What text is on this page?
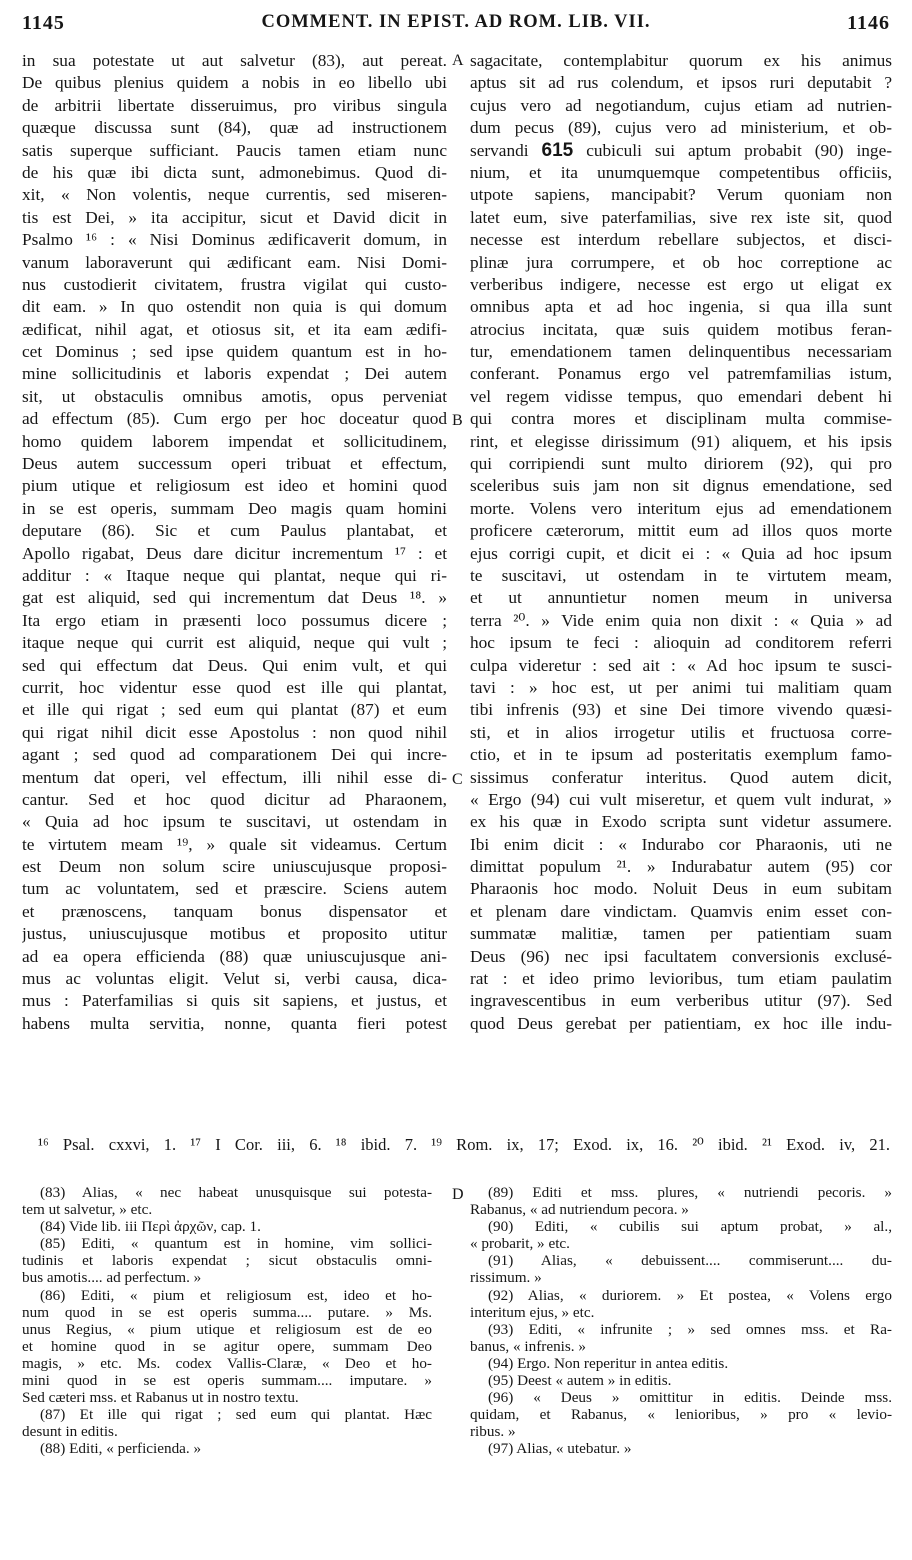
1145	COMMENT. IN EPIST. AD ROM. LIB. VII.	1146
in sua potestate ut aut salvetur (83), aut pereat.
De quibus plenius quidem a nobis in eo libello ubi
de arbitrii libertate disseruimus, pro viribus singula
quæque discussa sunt (84), quæ ad instructionem
satis superque sufficiant. Paucis tamen etiam nunc
de his quæ ibi dicta sunt, admonebimus. Quod di-
xit, « Non volentis, neque currentis, sed miseren-
tis est Dei, » ita accipitur, sicut et David dicit in
Psalmo ¹⁶ : « Nisi Dominus ædificaverit domum, in
vanum laboraverunt qui ædificant eam. Nisi Domi-
nus custodierit civitatem, frustra vigilat qui custo-
dit eam. » In quo ostendit non quia is qui domum
ædificat, nihil agat, et otiosus sit, et ita eam ædifi-
cet Dominus ; sed ipse quidem quantum est in ho-
mine sollicitudinis et laboris expendat ; Dei autem
sit, ut obstaculis omnibus amotis, opus perveniat
ad effectum (85). Cum ergo per hoc doceatur quod
homo quidem laborem impendat et sollicitudinem,
Deus autem successum operi tribuat et effectum,
pium utique et religiosum est ideo et homini quod
in se est operis, summam Deo magis quam homini
deputare (86). Sic et cum Paulus plantabat, et
Apollo rigabat, Deus dare dicitur incrementum ¹⁷ : et
additur : « Itaque neque qui plantat, neque qui ri-
gat est aliquid, sed qui incrementum dat Deus ¹⁸. »
Ita ergo etiam in præsenti loco possumus dicere ;
itaque neque qui currit est aliquid, neque qui vult ;
sed qui effectum dat Deus. Qui enim vult, et qui
currit, hoc videntur esse quod est ille qui plantat,
et ille qui rigat ; sed eum qui plantat (87) et eum
qui rigat nihil dicit esse Apostolus : non quod nihil
agant ; sed quod ad comparationem Dei qui incre-
mentum dat operi, vel effectum, illi nihil esse di-
cantur. Sed et hoc quod dicitur ad Pharaonem,
« Quia ad hoc ipsum te suscitavi, ut ostendam in
te virtutem meam ¹⁹, » quale sit videamus. Certum
est Deum non solum scire uniuscujusque proposi-
tum ac voluntatem, sed et præscire. Sciens autem
et prænoscens, tanquam bonus dispensator et
justus, uniuscujusque motibus et proposito utitur
ad ea opera efficienda (88) quæ uniuscujusque ani-
mus ac voluntas eligit. Velut si, verbi causa, dica-
mus : Paterfamilias si quis sit sapiens, et justus, et
habens multa servitia, nonne, quanta fieri potest
sagacitate, contemplabitur quorum ex his animus
aptus sit ad rus colendum, et ipsos ruri deputabit ?
cujus vero ad negotiandum, cujus etiam ad nutrien-
dum pecus (89), cujus vero ad ministerium, et ob-
servandi 615 cubiculi sui aptum probabit (90) inge-
nium, et ita unumquemque competentibus officiis,
utpote sapiens, mancipabit? Verum quoniam non
latet eum, sive paterfamilias, sive rex iste sit, quod
necesse est interdum rebellare subjectos, et disci-
plinæ jura corrumpere, et ob hoc correptione ac
verberibus indigere, necesse est ergo ut eligat ex
omnibus apta et ad hoc ingenia, si qua illa sunt
atrocius incitata, quæ suis quidem motibus feran-
tur, emendationem tamen delinquentibus necessariam
conferant. Ponamus ergo vel patremfamilias istum,
vel regem vidisse tempus, quo emendari debent hi
qui contra mores et disciplinam multa commise-
rint, et elegisse dirissimum (91) aliquem, et his ipsis
qui corripiendi sunt multo diriorem (92), qui pro
sceleribus suis jam non sit dignus emendatione, sed
morte. Volens vero interitum ejus ad emendationem
proficere cæterorum, mittit eum ad illos quos morte
ejus corrigi cupit, et dicit ei : « Quia ad hoc ipsum
te suscitavi, ut ostendam in te virtutem meam,
et ut annuntietur nomen meum in universa
terra ²⁰. » Vide enim quia non dixit : « Quia » ad
hoc ipsum te feci : alioquin ad conditorem referri
culpa videretur : sed ait : « Ad hoc ipsum te susci-
tavi : » hoc est, ut per animi tui malitiam quam
tibi infrenis (93) et sine Dei timore vivendo quæsi-
sti, et in alios irrogetur utilis et fructuosa corre-
ctio, et in te ipsum ad posteritatis exemplum famo-
sissimus conferatur interitus. Quod autem dicit,
« Ergo (94) cui vult miseretur, et quem vult indurat, »
ex his quæ in Exodo scripta sunt videtur assumere.
Ibi enim dicit : « Indurabo cor Pharaonis, uti ne
dimittat populum ²¹. » Indurabatur autem (95) cor
Pharaonis hoc modo. Noluit Deus in eum subitam
et plenam dare vindictam. Quamvis enim esset con-
summatæ malitiæ, tamen per patientiam suam
Deus (96) nec ipsi facultatem conversionis exclusé-
rat : et ideo primo levioribus, tum etiam paulatim
ingravescentibus in eum verberibus utitur (97). Sed
quod Deus gerebat per patientiam, ex hoc ille indu-
A
B
C
D
¹⁶ Psal. cxxvi, 1. ¹⁷ I Cor. iii, 6. ¹⁸ ibid. 7. ¹⁹ Rom. ix, 17; Exod. ix, 16. ²⁰ ibid. ²¹ Exod. iv, 21.
(83) Alias, « nec habeat unusquisque sui potesta-
tem ut salvetur, » etc.
(84) Vide lib. iii Περὶ ἀρχῶν, cap. 1.
(85) Editi, « quantum est in homine, vim sollici-
tudinis et laboris expendat ; sicut obstaculis omni-
bus amotis.... ad perfectum. »
(86) Editi, « pium et religiosum est, ideo et ho-
num quod in se est operis summa.... putare. » Ms.
unus Regius, « pium utique et religiosum est de eo
et homine quod in se agitur opere, summam Deo
magis, » etc. Ms. codex Vallis-Claræ, « Deo et ho-
mini quod in se est operis summam.... imputare. »
Sed cæteri mss. et Rabanus ut in nostro textu.
(87) Et ille qui rigat ; sed eum qui plantat. Hæc
desunt in editis.
(88) Editi, « perficienda. »
(89) Editi et mss. plures, « nutriendi pecoris. »
Rabanus, « ad nutriendum pecora. »
(90) Editi, « cubilis sui aptum probat, » al.,
« probarit, » etc.
(91) Alias, « debuissent.... commiserunt.... du-
rissimum. »
(92) Alias, « duriorem. » Et postea, « Volens ergo
interitum ejus, » etc.
(93) Editi, « infrunite ; » sed omnes mss. et Ra-
banus, « infrenis. »
(94) Ergo. Non reperitur in antea editis.
(95) Deest « autem » in editis.
(96) « Deus » omittitur in editis. Deinde mss.
quidam, et Rabanus, « lenioribus, » pro « levio-
ribus. »
(97) Alias, « utebatur. »
